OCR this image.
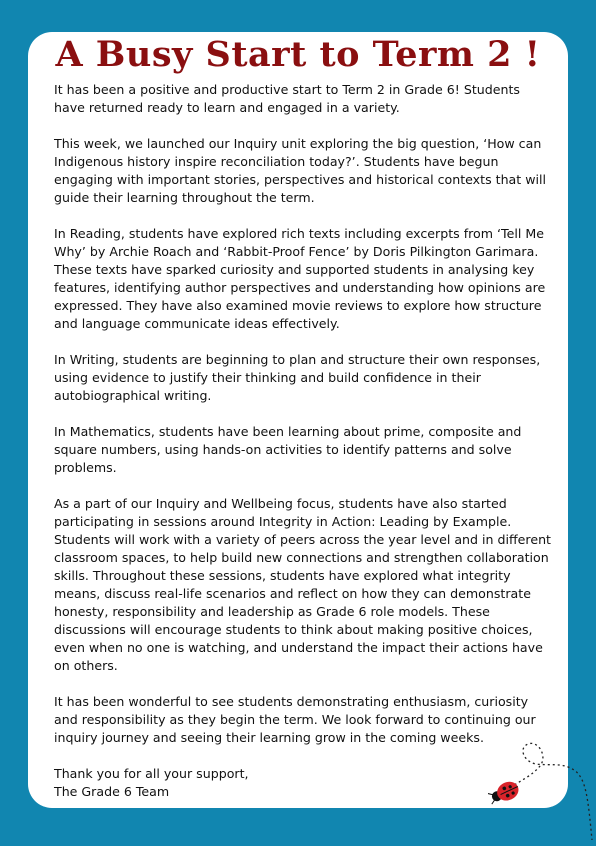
A Busy Start to Term 2 !

It has been a positive and productive start to Term 2 in Grade 6! Students have returned ready to learn and engaged in a variety.

This week, we launched our Inquiry unit exploring the big question, ‘How can Indigenous history inspire reconciliation today?’. Students have begun engaging with important stories, perspectives and historical contexts that will guide their learning throughout the term.

In Reading, students have explored rich texts including excerpts from ‘Tell Me Why’ by Archie Roach and ‘Rabbit-Proof Fence’ by Doris Pilkington Garimara. These texts have sparked curiosity and supported students in analysing key features, identifying author perspectives and understanding how opinions are expressed. They have also examined movie reviews to explore how structure and language communicate ideas effectively.

In Writing, students are beginning to plan and structure their own responses, using evidence to justify their thinking and build confidence in their autobiographical writing.

In Mathematics, students have been learning about prime, composite and square numbers, using hands-on activities to identify patterns and solve problems.

As a part of our Inquiry and Wellbeing focus, students have also started participating in sessions around Integrity in Action: Leading by Example. Students will work with a variety of peers across the year level and in different classroom spaces, to help build new connections and strengthen collaboration skills. Throughout these sessions, students have explored what integrity means, discuss real-life scenarios and reflect on how they can demonstrate honesty, responsibility and leadership as Grade 6 role models. These discussions will encourage students to think about making positive choices, even when no one is watching, and understand the impact their actions have on others.

It has been wonderful to see students demonstrating enthusiasm, curiosity and responsibility as they begin the term. We look forward to continuing our inquiry journey and seeing their learning grow in the coming weeks.

Thank you for all your support,
The Grade 6 Team
